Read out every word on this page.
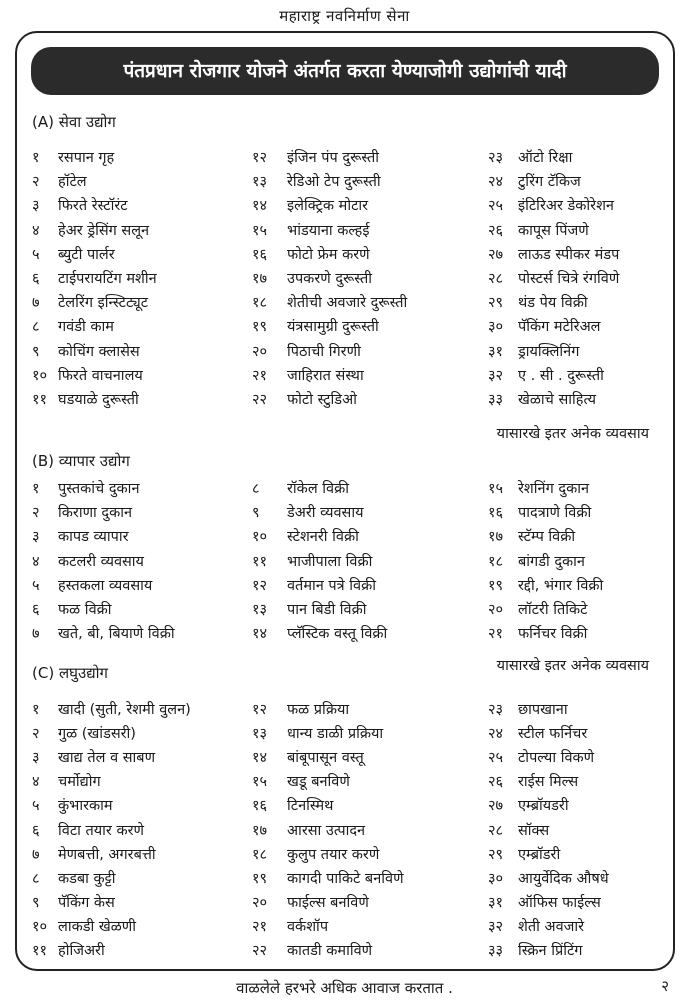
महाराष्ट्र नवनिर्माण सेना
पंतप्रधान रोजगार योजने अंतर्गत करता येण्याजोगी उद्योगांची यादी
(A) सेवा उद्योग
१ रसपान गृह	१२ इंजिन पंप दुरूस्ती	२३ ऑटो रिक्षा
२ हॉटेल	१३ रेडिओ टेप दुरूस्ती	२४ टुरिंग टॅकिज
३ फिरते रेस्टॉरंट	१४ इलेक्ट्रिक मोटार	२५ इंटिरिअर डेकोरेशन
४ हेअर ड्रेसिंग सलून	१५ भांडयाना कल्हई	२६ कापूस पिंजणे
५ ब्युटी पार्लर	१६ फोटो फ्रेम करणे	२७ लाऊड स्पीकर मंडप
६ टाईपरायटिंग मशीन	१७ उपकरणे दुरूस्ती	२८ पोस्टर्स चित्रे रंगविणे
७ टेलरिंग इन्स्टिट्यूट	१८ शेतीची अवजारे दुरूस्ती	२९ थंड पेय विक्री
८ गवंडी काम	१९ यंत्रसामुग्री दुरूस्ती	३० पॅकिंग मटेरिअल
९ कोचिंग क्लासेस	२० पिठाची गिरणी	३१ ड्रायक्लिनिंग
१० फिरते वाचनालय	२१ जाहिरात संस्था	३२ ए . सी . दुरूस्ती
११ घडयाळे दुरूस्ती	२२ फोटो स्टुडिओ	३३ खेळाचे साहित्य
यासारखे इतर अनेक व्यवसाय
(B) व्यापार उद्योग
१ पुस्तकांचे दुकान	८ रॉकेल विक्री	१५ रेशनिंग दुकान
२ किराणा दुकान	९ डेअरी व्यवसाय	१६ पादत्राणे विक्री
३ कापड व्यापार	१० स्टेशनरी विक्री	१७ स्टॅम्प विक्री
४ कटलरी व्यवसाय	११ भाजीपाला विक्री	१८ बांगडी दुकान
५ हस्तकला व्यवसाय	१२ वर्तमान पत्रे विक्री	१९ रद्दी, भंगार विक्री
६ फळ विक्री	१३ पान बिडी विक्री	२० लॉटरी तिकिटे
७ खते, बी, बियाणे विक्री	१४ प्लॅस्टिक वस्तू विक्री	२१ फर्निचर विक्री
यासारखे इतर अनेक व्यवसाय
(C) लघुउद्योग
१ खादी (सुती, रेशमी वुलन)	१२ फळ प्रक्रिया	२३ छापखाना
२ गुळ (खांडसरी)	१३ धान्य डाळी प्रक्रिया	२४ स्टील फर्निचर
३ खाद्य तेल व साबण	१४ बांबूपासून वस्तू	२५ टोपल्या विकणे
४ चर्मोद्योग	१५ खडू बनविणे	२६ राईस मिल्स
५ कुंभारकाम	१६ टिनस्मिथ	२७ एम्ब्रॉयडरी
६ विटा तयार करणे	१७ आरसा उत्पादन	२८ सॉक्स
७ मेणबत्ती, अगरबत्ती	१८ कुलुप तयार करणे	२९ एम्ब्रॉडरी
८ कडबा कुट्टी	१९ कागदी पाकिटे बनविणे	३० आयुर्वेदिक औषधे
९ पॅकिंग केस	२० फाईल्स बनविणे	३१ ऑफिस फाईल्स
१० लाकडी खेळणी	२१ वर्कशॉप	३२ शेती अवजारे
११ होजिअरी	२२ कातडी कमाविणे	३३ स्क्रिन प्रिंटिंग
वाळलेले हरभरे अधिक आवाज करतात .	२
